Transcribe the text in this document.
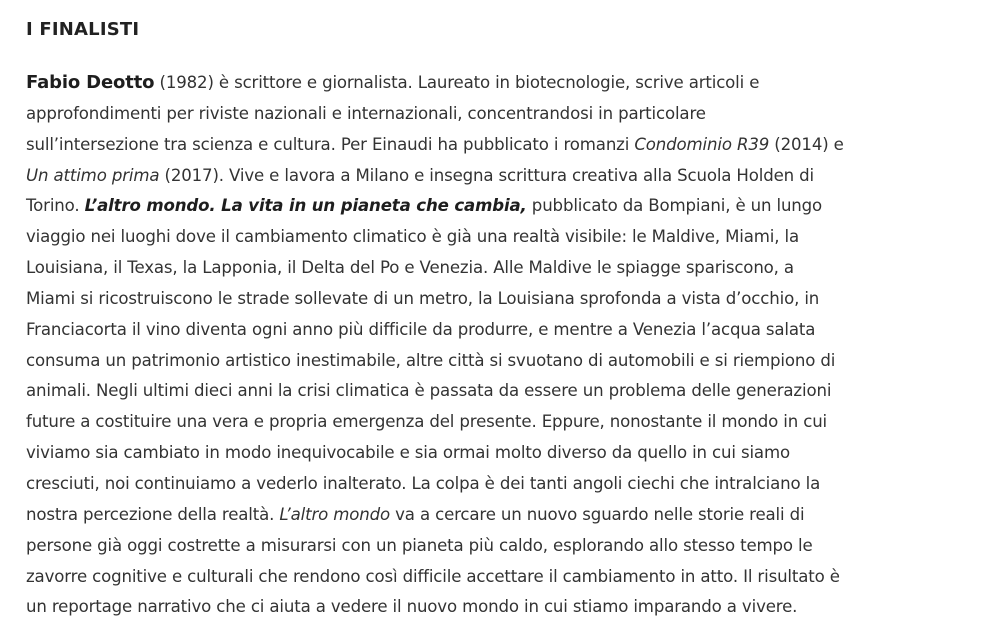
I FINALISTI

Fabio Deotto (1982) è scrittore e giornalista. Laureato in biotecnologie, scrive articoli e
approfondimenti per riviste nazionali e internazionali, concentrandosi in particolare
sull’intersezione tra scienza e cultura. Per Einaudi ha pubblicato i romanzi Condominio R39 (2014) e
Un attimo prima (2017). Vive e lavora a Milano e insegna scrittura creativa alla Scuola Holden di
Torino. L’altro mondo. La vita in un pianeta che cambia, pubblicato da Bompiani, è un lungo
viaggio nei luoghi dove il cambiamento climatico è già una realtà visibile: le Maldive, Miami, la
Louisiana, il Texas, la Lapponia, il Delta del Po e Venezia. Alle Maldive le spiagge spariscono, a
Miami si ricostruiscono le strade sollevate di un metro, la Louisiana sprofonda a vista d’occhio, in
Franciacorta il vino diventa ogni anno più difficile da produrre, e mentre a Venezia l’acqua salata
consuma un patrimonio artistico inestimabile, altre città si svuotano di automobili e si riempiono di
animali. Negli ultimi dieci anni la crisi climatica è passata da essere un problema delle generazioni
future a costituire una vera e propria emergenza del presente. Eppure, nonostante il mondo in cui
viviamo sia cambiato in modo inequivocabile e sia ormai molto diverso da quello in cui siamo
cresciuti, noi continuiamo a vederlo inalterato. La colpa è dei tanti angoli ciechi che intralciano la
nostra percezione della realtà. L’altro mondo va a cercare un nuovo sguardo nelle storie reali di
persone già oggi costrette a misurarsi con un pianeta più caldo, esplorando allo stesso tempo le
zavorre cognitive e culturali che rendono così difficile accettare il cambiamento in atto. Il risultato è
un reportage narrativo che ci aiuta a vedere il nuovo mondo in cui stiamo imparando a vivere.
